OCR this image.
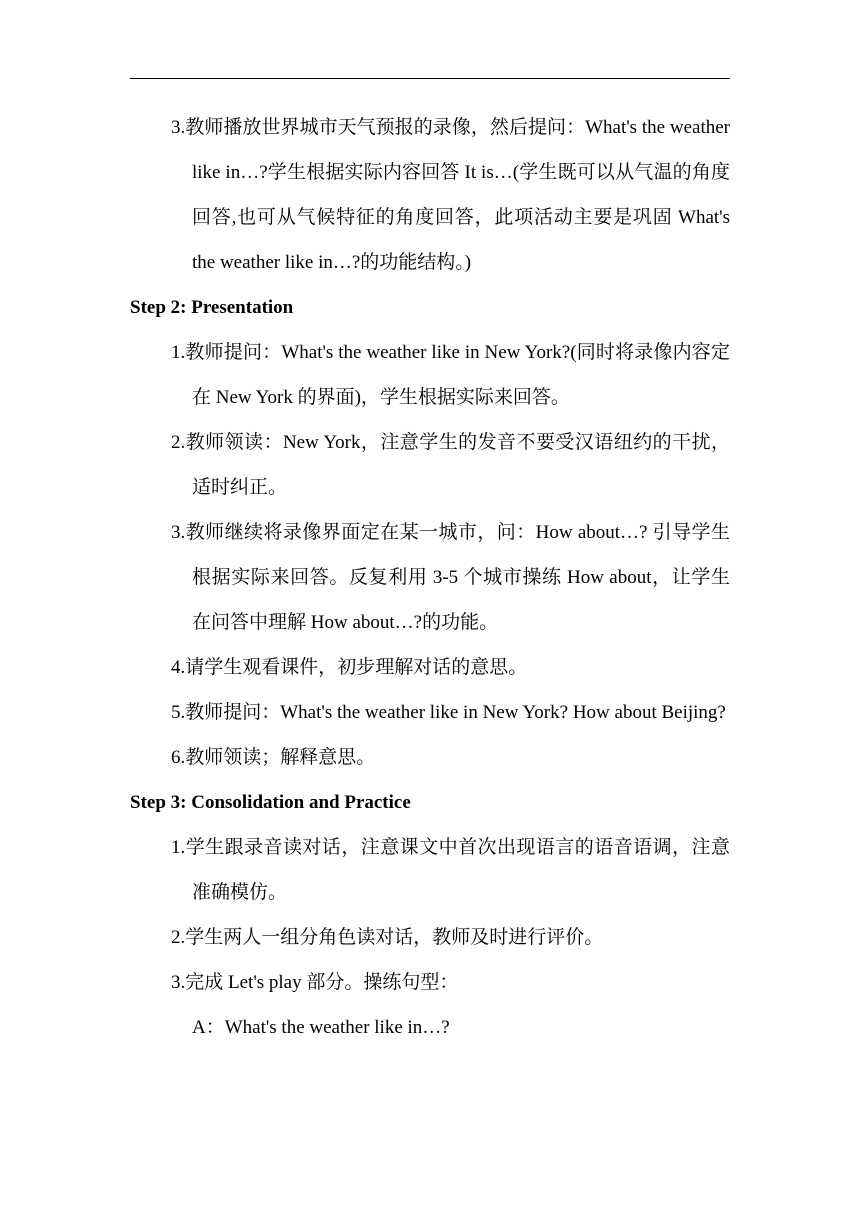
3.教师播放世界城市天气预报的录像，然后提问：What's the weather like in…?学生根据实际内容回答 It is…(学生既可以从气温的角度回答,也可从气候特征的角度回答，此项活动主要是巩固 What's the weather like in…?的功能结构。)

Step 2: Presentation

1.教师提问：What's the weather like in New York?(同时将录像内容定在 New York 的界面)，学生根据实际来回答。

2.教师领读：New York，注意学生的发音不要受汉语纽约的干扰，适时纠正。

3.教师继续将录像界面定在某一城市，问：How about…? 引导学生根据实际来回答。反复利用 3-5 个城市操练 How about，让学生在问答中理解 How about…?的功能。

4.请学生观看课件，初步理解对话的意思。

5.教师提问：What's the weather like in New York? How about Beijing?

6.教师领读；解释意思。

Step 3: Consolidation and Practice

1.学生跟录音读对话，注意课文中首次出现语言的语音语调，注意准确模仿。

2.学生两人一组分角色读对话，教师及时进行评价。

3.完成 Let's play 部分。操练句型：

A：What's the weather like in…?
